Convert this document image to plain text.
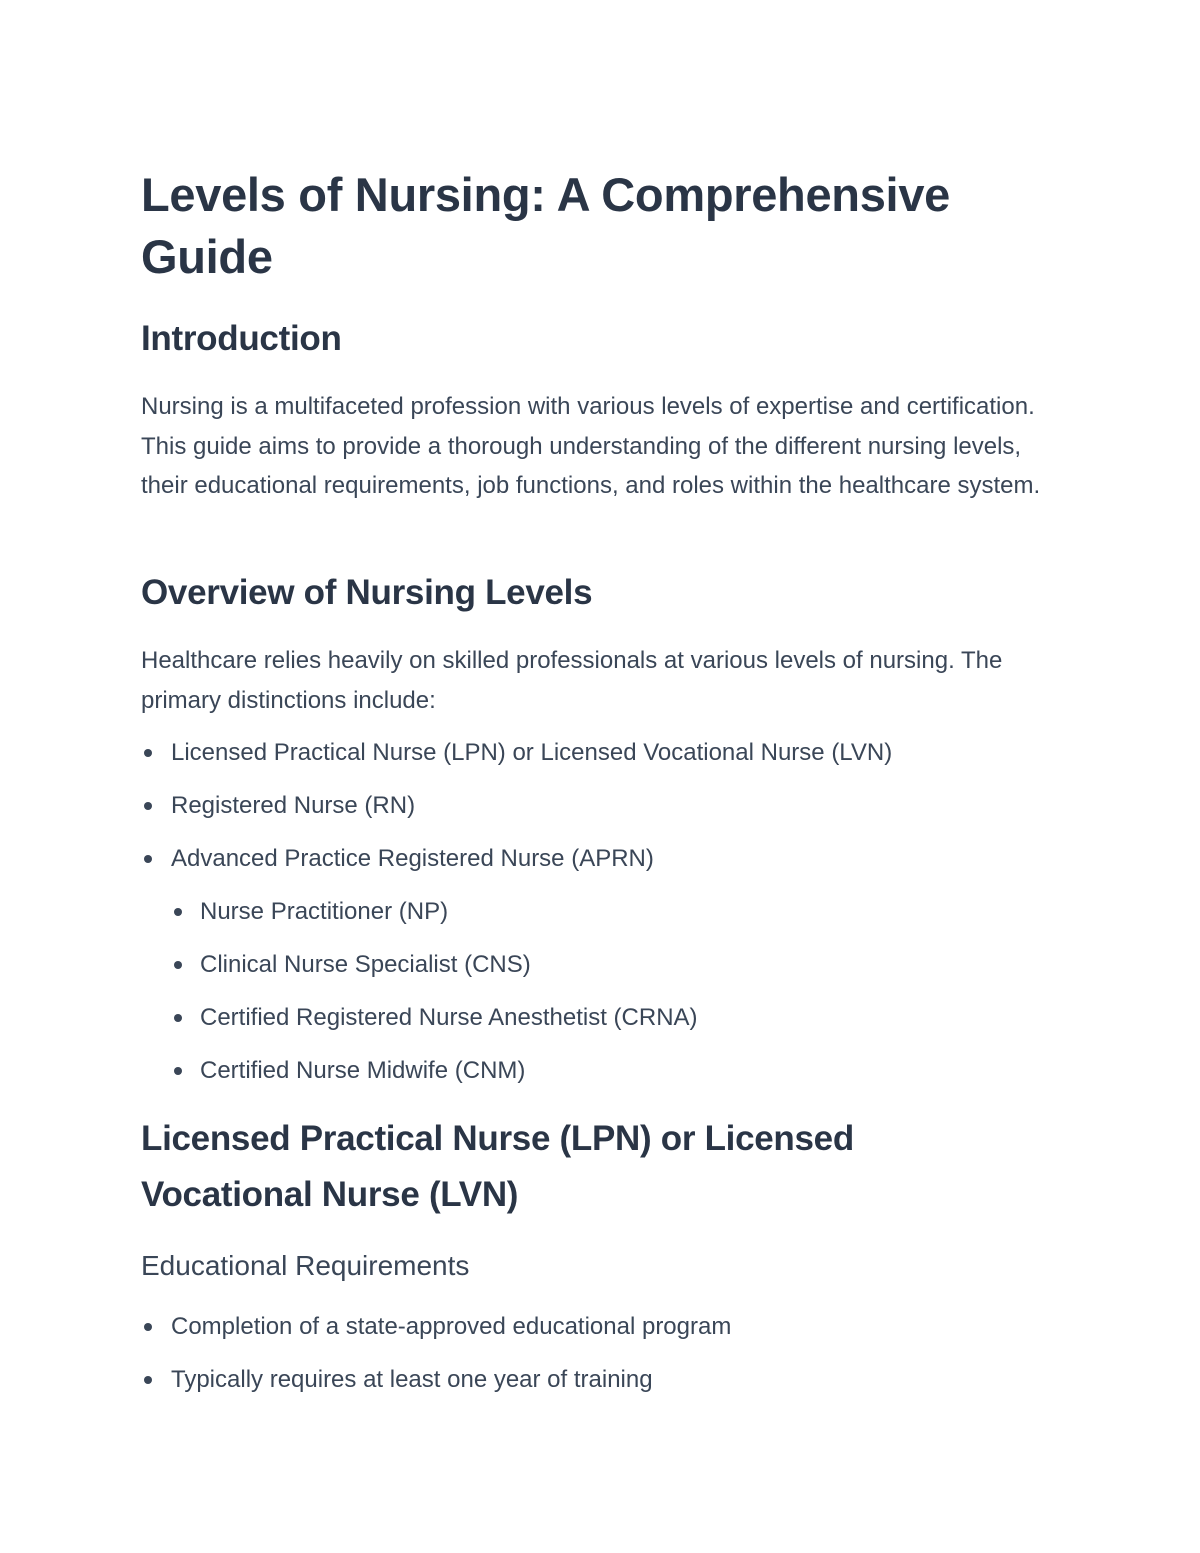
Levels of Nursing: A Comprehensive Guide
Introduction

Nursing is a multifaceted profession with various levels of expertise and certification. This guide aims to provide a thorough understanding of the different nursing levels, their educational requirements, job functions, and roles within the healthcare system.

Overview of Nursing Levels

Healthcare relies heavily on skilled professionals at various levels of nursing. The primary distinctions include:

Licensed Practical Nurse (LPN) or Licensed Vocational Nurse (LVN)
Registered Nurse (RN)
Advanced Practice Registered Nurse (APRN)
Nurse Practitioner (NP)
Clinical Nurse Specialist (CNS)
Certified Registered Nurse Anesthetist (CRNA)
Certified Nurse Midwife (CNM)
Licensed Practical Nurse (LPN) or Licensed Vocational Nurse (LVN)
Educational Requirements
Completion of a state-approved educational program
Typically requires at least one year of training
